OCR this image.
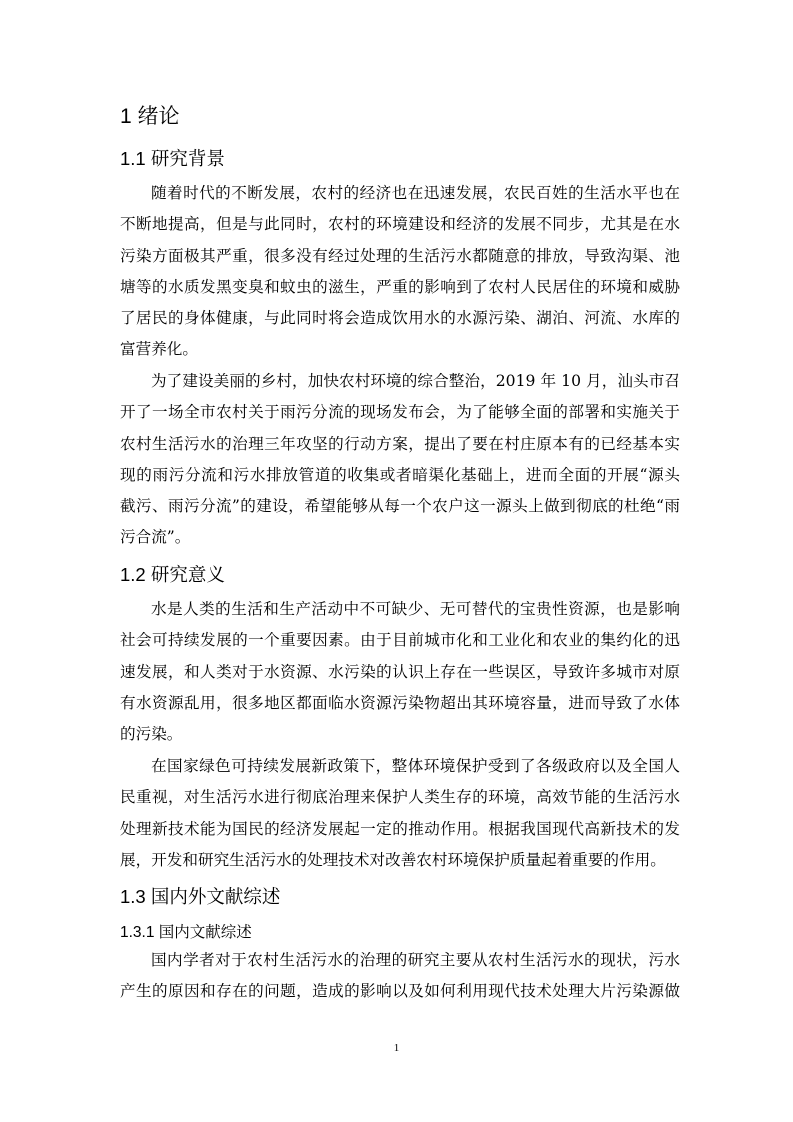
1 绪论
1.1 研究背景
随着时代的不断发展，农村的经济也在迅速发展，农民百姓的生活水平也在
不断地提高，但是与此同时，农村的环境建设和经济的发展不同步，尤其是在水
污染方面极其严重，很多没有经过处理的生活污水都随意的排放，导致沟渠、池
塘等的水质发黑变臭和蚊虫的滋生，严重的影响到了农村人民居住的环境和威胁
了居民的身体健康，与此同时将会造成饮用水的水源污染、湖泊、河流、水库的
富营养化。
为了建设美丽的乡村，加快农村环境的综合整治，2019 年 10 月，汕头市召
开了一场全市农村关于雨污分流的现场发布会，为了能够全面的部署和实施关于
农村生活污水的治理三年攻坚的行动方案，提出了要在村庄原本有的已经基本实
现的雨污分流和污水排放管道的收集或者暗渠化基础上，进而全面的开展“源头
截污、雨污分流”的建设，希望能够从每一个农户这一源头上做到彻底的杜绝“雨
污合流”。
1.2 研究意义
水是人类的生活和生产活动中不可缺少、无可替代的宝贵性资源，也是影响
社会可持续发展的一个重要因素。由于目前城市化和工业化和农业的集约化的迅
速发展，和人类对于水资源、水污染的认识上存在一些误区，导致许多城市对原
有水资源乱用，很多地区都面临水资源污染物超出其环境容量，进而导致了水体
的污染。
在国家绿色可持续发展新政策下，整体环境保护受到了各级政府以及全国人
民重视，对生活污水进行彻底治理来保护人类生存的环境，高效节能的生活污水
处理新技术能为国民的经济发展起一定的推动作用。根据我国现代高新技术的发
展，开发和研究生活污水的处理技术对改善农村环境保护质量起着重要的作用。
1.3 国内外文献综述
1.3.1 国内文献综述
国内学者对于农村生活污水的治理的研究主要从农村生活污水的现状，污水
产生的原因和存在的问题，造成的影响以及如何利用现代技术处理大片污染源做
1
